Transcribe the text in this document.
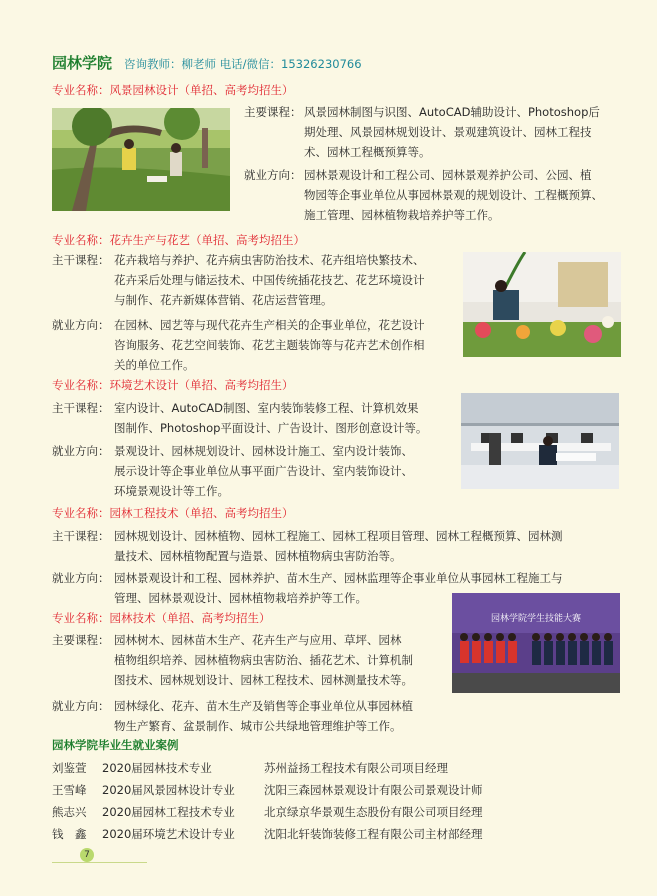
园林学院 咨询教师：柳老师 电话/微信：15326230766
专业名称：风景园林设计（单招、高考均招生）
主要课程： 风景园林制图与识图、AutoCAD辅助设计、Photoshop后
期处理、风景园林规划设计、景观建筑设计、园林工程技
术、园林工程概预算等。
就业方向： 园林景观设计和工程公司、园林景观养护公司、公园、植
物园等企事业单位从事园林景观的规划设计、工程概预算、
施工管理、园林植物栽培养护等工作。
专业名称：花卉生产与花艺（单招、高考均招生）
主干课程： 花卉栽培与养护、花卉病虫害防治技术、花卉组培快繁技术、
花卉采后处理与储运技术、中国传统插花技艺、花艺环境设计
与制作、花卉新媒体营销、花店运营管理。
就业方向： 在园林、园艺等与现代花卉生产相关的企事业单位，花艺设计
咨询服务、花艺空间装饰、花艺主题装饰等与花卉艺术创作相
关的单位工作。
专业名称：环境艺术设计（单招、高考均招生）
主干课程： 室内设计、AutoCAD制图、室内装饰装修工程、计算机效果
图制作、Photoshop平面设计、广告设计、图形创意设计等。
就业方向： 景观设计、园林规划设计、园林设计施工、室内设计装饰、
展示设计等企事业单位从事平面广告设计、室内装饰设计、
环境景观设计等工作。
专业名称：园林工程技术（单招、高考均招生）
主干课程： 园林规划设计、园林植物、园林工程施工、园林工程项目管理、园林工程概预算、园林测
量技术、园林植物配置与造景、园林植物病虫害防治等。
就业方向： 园林景观设计和工程、园林养护、苗木生产、园林监理等企事业单位从事园林工程施工与
管理、园林景观设计、园林植物栽培养护等工作。
专业名称：园林技术（单招、高考均招生）
主要课程： 园林树木、园林苗木生产、花卉生产与应用、草坪、园林
植物组织培养、园林植物病虫害防治、插花艺术、计算机制
图技术、园林规划设计、园林工程技术、园林测量技术等。
就业方向： 园林绿化、花卉、苗木生产及销售等企事业单位从事园林植
物生产繁育、盆景制作、城市公共绿地管理维护等工作。
园林学院学生技能大赛
园林学院毕业生就业案例
刘鉴萱	2020届园林技术专业	苏州益扬工程技术有限公司项目经理
王雪峰	2020届风景园林设计专业	沈阳三森园林景观设计有限公司景观设计师
熊志兴	2020届园林工程技术专业	北京绿京华景观生态股份有限公司项目经理
钱　鑫	2020届环境艺术设计专业	沈阳北轩装饰装修工程有限公司主材部经理
7
